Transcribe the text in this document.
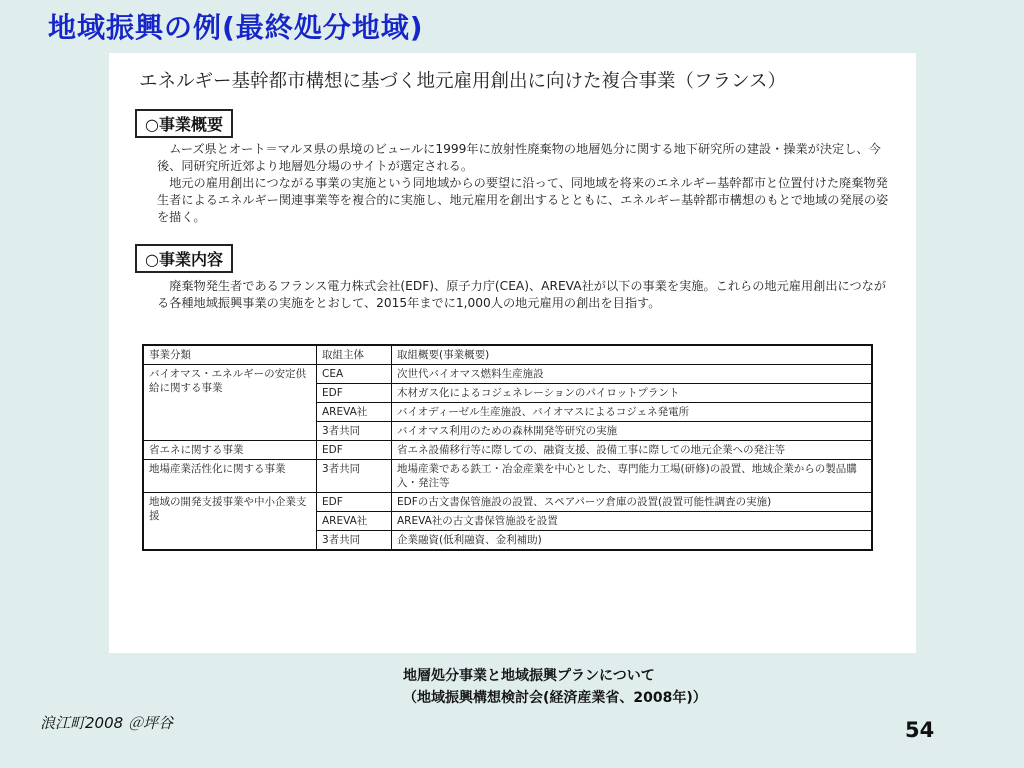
地域振興の例(最終処分地域)
エネルギー基幹都市構想に基づく地元雇用創出に向けた複合事業（フランス）
○事業概要

ムーズ県とオート＝マルヌ県の県境のビュールに1999年に放射性廃棄物の地層処分に関する地下研究所の建設・操業が決定し、今後、同研究所近郊より地層処分場のサイトが選定される。

地元の雇用創出につながる事業の実施という同地域からの要望に沿って、同地域を将来のエネルギー基幹都市と位置付けた廃棄物発生者によるエネルギー関連事業等を複合的に実施し、地元雇用を創出するとともに、エネルギー基幹都市構想のもとで地域の発展の姿を描く。

○事業内容

廃棄物発生者であるフランス電力株式会社(EDF)、原子力庁(CEA)、AREVA社が以下の事業を実施。これらの地元雇用創出につながる各種地域振興事業の実施をとおして、2015年までに1,000人の地元雇用の創出を目指す。

事業分類	取組主体	取組概要(事業概要)
バイオマス・エネルギーの安定供給に関する事業	CEA	次世代バイオマス燃料生産施設
	EDF	木材ガス化によるコジェネレーションのパイロットプラント
	AREVA社	バイオディーゼル生産施設、バイオマスによるコジェネ発電所
	3者共同	バイオマス利用のための森林開発等研究の実施
省エネに関する事業	EDF	省エネ設備移行等に際しての、融資支援、設備工事に際しての地元企業への発注等
地場産業活性化に関する事業	3者共同	地場産業である鉄工・冶金産業を中心とした、専門能力工場(研修)の設置、地域企業からの製品購入・発注等
地域の開発支援事業や中小企業支援	EDF	EDFの古文書保管施設の設置、スペアパーツ倉庫の設置(設置可能性調査の実施)
	AREVA社	AREVA社の古文書保管施設を設置
	3者共同	企業融資(低利融資、金利補助)
地層処分事業と地域振興プランについて
（地域振興構想検討会(経済産業省、2008年)）
浪江町2008 ＠坪谷	54
